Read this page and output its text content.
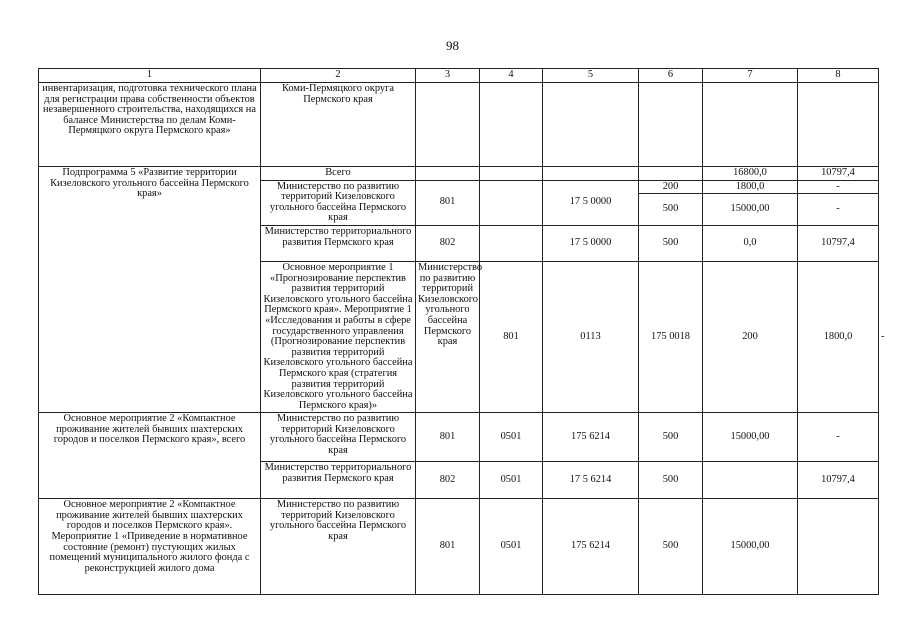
98
1	2	3	4	5	6	7	8	
инвентаризация, подготовка технического плана для регистрации права собственности объектов незавершенного строительства, находящихся на балансе Министерства по делам Коми-Пермяцкого округа Пермского края»	Коми-Пермяцкого округа Пермского края							
Подпрограмма 5 «Развитие территории Кизеловского угольного бассейна Пермского края»	Всего					16800,0	10797,4	
	Министерство по развитию территорий Кизеловского угольного бассейна Пермского края	801		17 5 0000	200	1800,0	-	
					500	15000,00	-	
	Министерство территориального развития Пермского края	802		17 5 0000	500	0,0	10797,4	
	Основное мероприятие 1 «Прогнозирование перспектив развития территорий Кизеловского угольного бассейна Пермского края». Мероприятие 1 «Исследования и работы в сфере государственного управления (Прогнозирование перспектив развития территорий Кизеловского угольного бассейна Пермского края (стратегия развития территорий Кизеловского угольного бассейна Пермского края)»	Министерство по развитию территорий Кизеловского угольного бассейна Пермского края	801	0113	175 0018	200	1800,0	-
Основное мероприятие 2 «Компактное проживание жителей бывших шахтерских городов и поселков Пермского края», всего	Министерство по развитию территорий Кизеловского угольного бассейна Пермского края	801	0501	175 6214	500	15000,00	-	
	Министерство территориального развития Пермского края	802	0501	17 5 6214	500		10797,4	
Основное мероприятие 2 «Компактное проживание жителей бывших шахтерских городов и поселков Пермского края». Мероприятие 1 «Приведение в нормативное состояние (ремонт) пустующих жилых помещений муниципального жилого фонда с реконструкцией жилого дома	Министерство по развитию территорий Кизеловского угольного бассейна Пермского края	801	0501	175 6214	500	15000,00		
